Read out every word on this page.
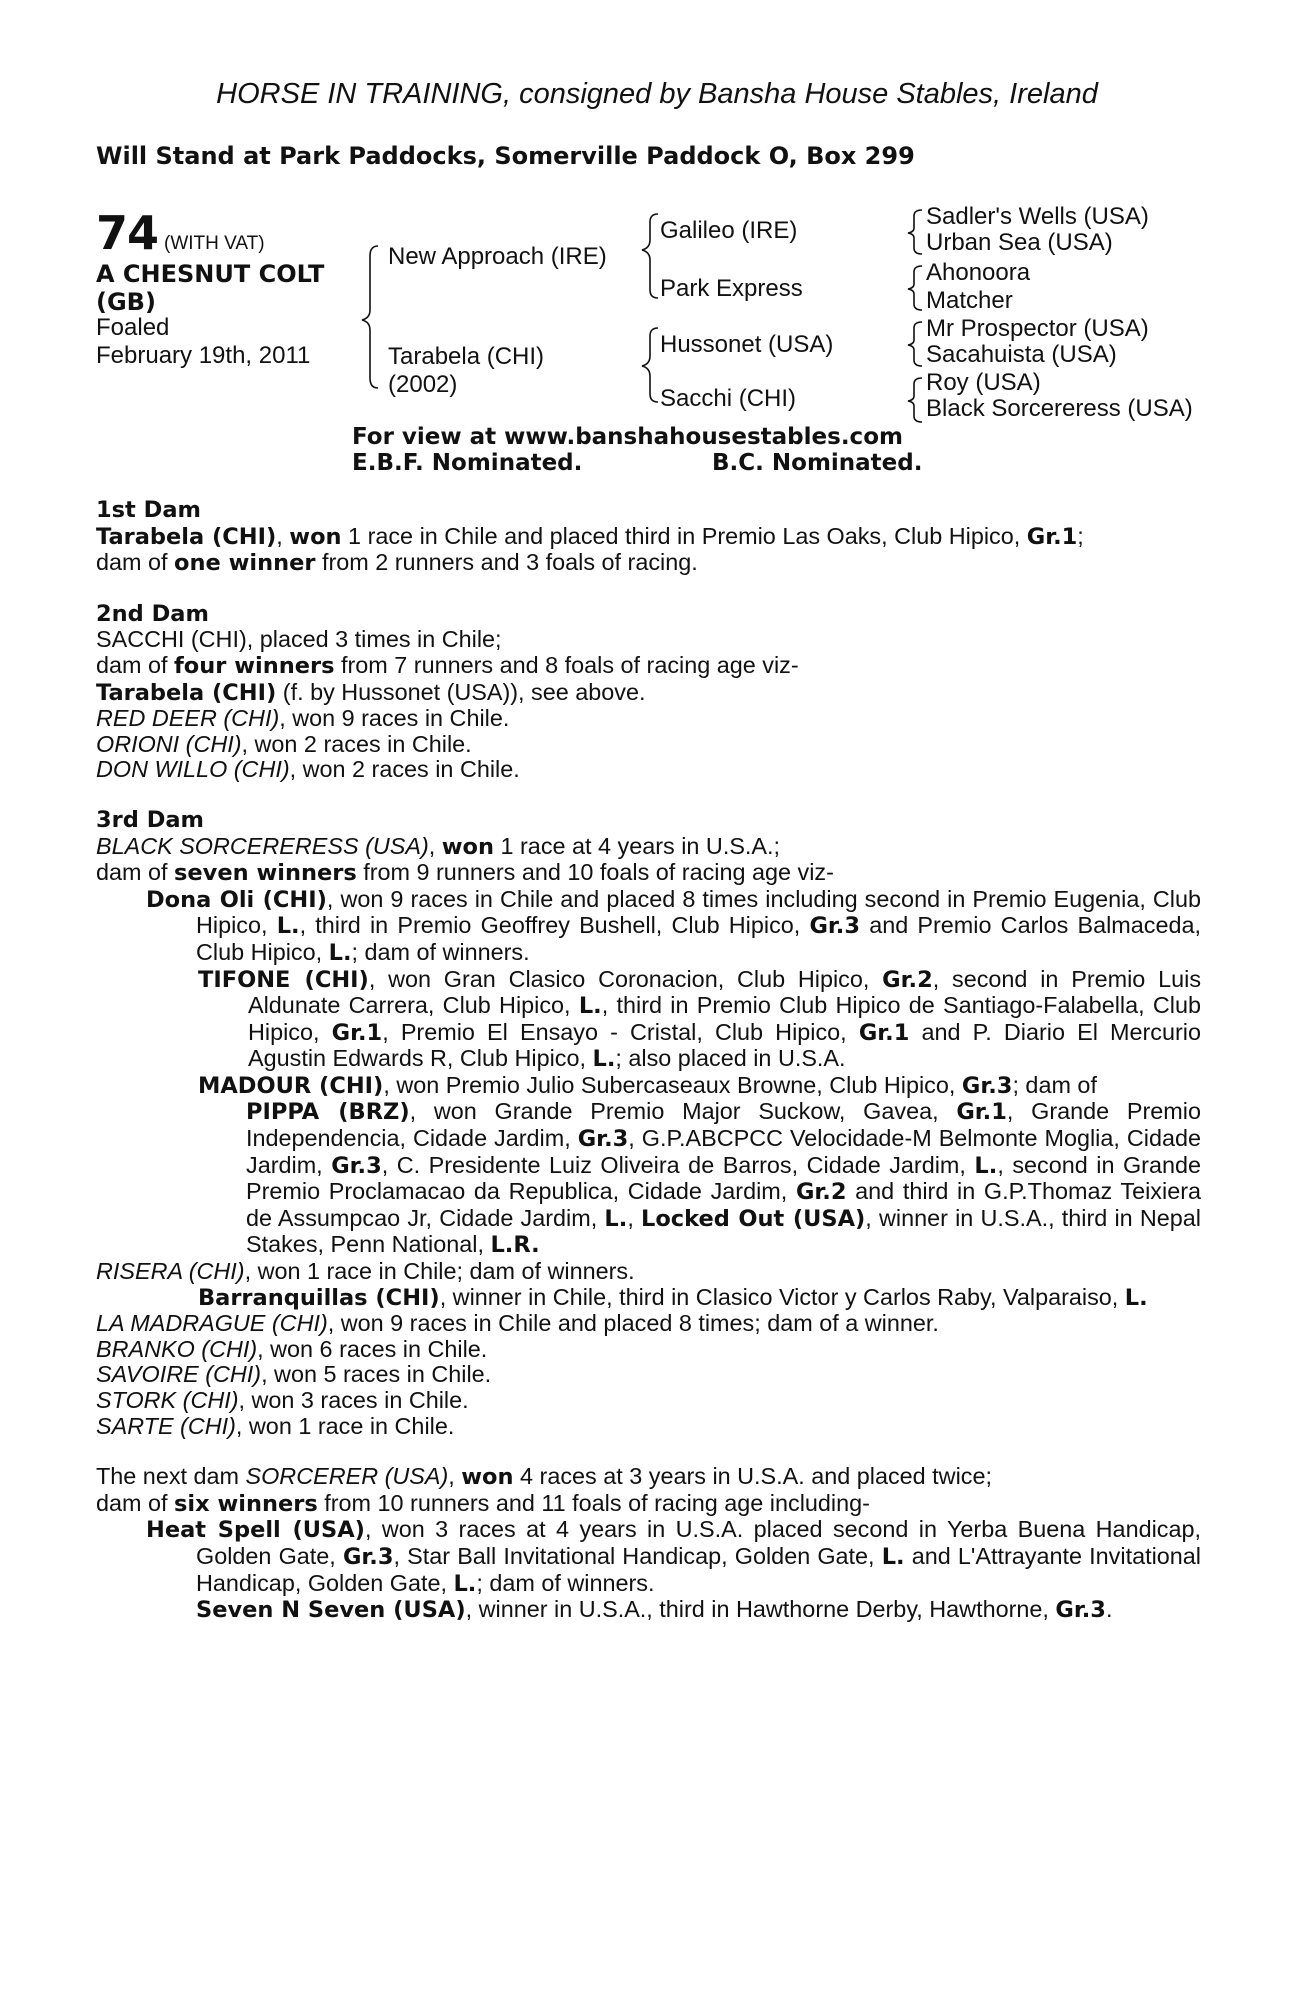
HORSE IN TRAINING, consigned by Bansha House Stables, Ireland
Will Stand at Park Paddocks, Somerville Paddock O, Box 299
74 (WITH VAT)
A CHESNUT COLT (GB)
Foaled
February 19th, 2011
New Approach (IRE)
Tarabela (CHI)
(2002)
Galileo (IRE)
Park Express
Hussonet (USA)
Sacchi (CHI)
Sadler's Wells (USA)
Urban Sea (USA)
Ahonoora
Matcher
Mr Prospector (USA)
Sacahuista (USA)
Roy (USA)
Black Sorcereress (USA)
For view at www.banshahousestables.com
E.B.F. Nominated.	B.C. Nominated.

1st Dam

Tarabela (CHI), won 1 race in Chile and placed third in Premio Las Oaks, Club Hipico, Gr.1;

dam of one winner from 2 runners and 3 foals of racing.

2nd Dam

SACCHI (CHI), placed 3 times in Chile;

dam of four winners from 7 runners and 8 foals of racing age viz-

Tarabela (CHI) (f. by Hussonet (USA)), see above.

RED DEER (CHI), won 9 races in Chile.

ORIONI (CHI), won 2 races in Chile.

DON WILLO (CHI), won 2 races in Chile.

3rd Dam

BLACK SORCERERESS (USA), won 1 race at 4 years in U.S.A.;

dam of seven winners from 9 runners and 10 foals of racing age viz-

Dona Oli (CHI), won 9 races in Chile and placed 8 times including second in Premio Eugenia, Club Hipico, L., third in Premio Geoffrey Bushell, Club Hipico, Gr.3 and Premio Carlos Balmaceda, Club Hipico, L.; dam of winners.

TIFONE (CHI), won Gran Clasico Coronacion, Club Hipico, Gr.2, second in Premio Luis Aldunate Carrera, Club Hipico, L., third in Premio Club Hipico de Santiago-Falabella, Club Hipico, Gr.1, Premio El Ensayo - Cristal, Club Hipico, Gr.1 and P. Diario El Mercurio Agustin Edwards R, Club Hipico, L.; also placed in U.S.A.

MADOUR (CHI), won Premio Julio Subercaseaux Browne, Club Hipico, Gr.3; dam of

PIPPA (BRZ), won Grande Premio Major Suckow, Gavea, Gr.1, Grande Premio Independencia, Cidade Jardim, Gr.3, G.P.ABCPCC Velocidade-M Belmonte Moglia, Cidade Jardim, Gr.3, C. Presidente Luiz Oliveira de Barros, Cidade Jardim, L., second in Grande Premio Proclamacao da Republica, Cidade Jardim, Gr.2 and third in G.P.Thomaz Teixiera de Assumpcao Jr, Cidade Jardim, L., Locked Out (USA), winner in U.S.A., third in Nepal Stakes, Penn National, L.R.

RISERA (CHI), won 1 race in Chile; dam of winners.

Barranquillas (CHI), winner in Chile, third in Clasico Victor y Carlos Raby, Valparaiso, L.

LA MADRAGUE (CHI), won 9 races in Chile and placed 8 times; dam of a winner.

BRANKO (CHI), won 6 races in Chile.

SAVOIRE (CHI), won 5 races in Chile.

STORK (CHI), won 3 races in Chile.

SARTE (CHI), won 1 race in Chile.

The next dam SORCERER (USA), won 4 races at 3 years in U.S.A. and placed twice;

dam of six winners from 10 runners and 11 foals of racing age including-

Heat Spell (USA), won 3 races at 4 years in U.S.A. placed second in Yerba Buena Handicap, Golden Gate, Gr.3, Star Ball Invitational Handicap, Golden Gate, L. and L'Attrayante Invitational Handicap, Golden Gate, L.; dam of winners.

Seven N Seven (USA), winner in U.S.A., third in Hawthorne Derby, Hawthorne, Gr.3.
